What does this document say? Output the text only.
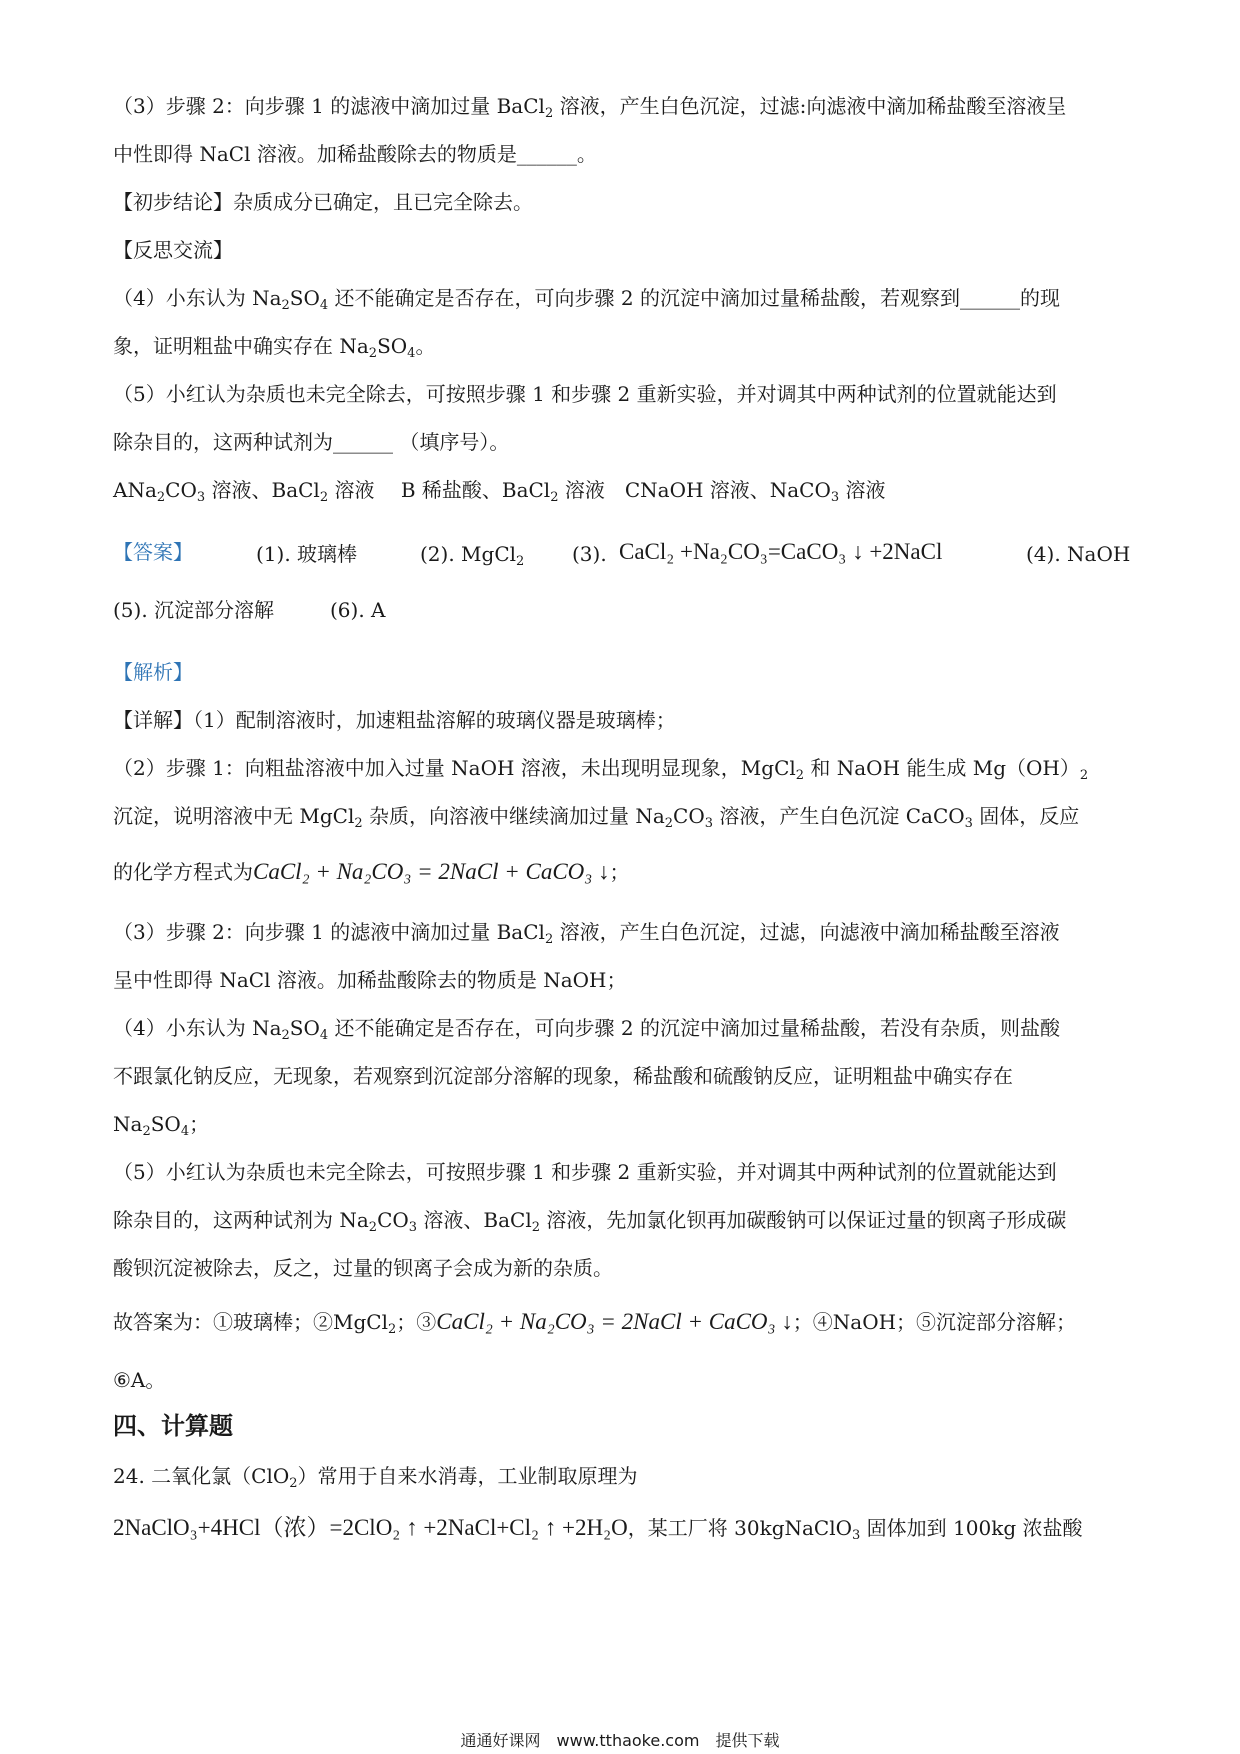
（3）步骤 2：向步骤 1 的滤液中滴加过量 BaCl$_2$ 溶液，产生白色沉淀，过滤:向滤液中滴加稀盐酸至溶液呈
中性即得 NaCl 溶液。加稀盐酸除去的物质是______。
【初步结论】杂质成分已确定，且已完全除去。
【反思交流】
（4）小东认为 $Na_2SO_4$ 还不能确定是否存在，可向步骤 2 的沉淀中滴加过量稀盐酸，若观察到______的现
象，证明粗盐中确实存在 $Na_2SO_4$。
（5）小红认为杂质也未完全除去，可按照步骤 1 和步骤 2 重新实验，并对调其中两种试剂的位置就能达到
除杂目的，这两种试剂为______ （填序号）。
$ANa_2CO_3$ 溶液、BaCl$_2$ 溶液　 B 稀盐酸、BaCl$_2$ 溶液　CNaOH 溶液、NaCO$_3$ 溶液
【答案】	(1). 玻璃棒	(2). MgCl$_2$ (3). CaCl₂ +Na₂CO₃=CaCO₃ ↓ +2NaCl	(4). NaOH
(5). 沉淀部分溶解	(6). A
【解析】
【详解】（1）配制溶液时，加速粗盐溶解的玻璃仪器是玻璃棒；
（2）步骤 1：向粗盐溶液中加入过量 NaOH 溶液，未出现明显现象，MgCl$_2$ 和 NaOH 能生成 $Mg(OH)_2$
沉淀，说明溶液中无 MgCl$_2$ 杂质，向溶液中继续滴加过量 $Na_2CO_3$ 溶液，产生白色沉淀 CaCO$_3$ 固体，反应
的化学方程式为CaCl₂ + Na₂CO₃ = 2NaCl + CaCO₃ ↓；
（3）步骤 2：向步骤 1 的滤液中滴加过量 BaCl$_2$ 溶液，产生白色沉淀，过滤，向滤液中滴加稀盐酸至溶液
呈中性即得 NaCl 溶液。加稀盐酸除去的物质是 NaOH；
（4）小东认为 $Na_2SO_4$ 还不能确定是否存在，可向步骤 2 的沉淀中滴加过量稀盐酸，若没有杂质，则盐酸
不跟氯化钠反应，无现象，若观察到沉淀部分溶解的现象，稀盐酸和硫酸钠反应，证明粗盐中确实存在
$Na_2SO_4$；
（5）小红认为杂质也未完全除去，可按照步骤 1 和步骤 2 重新实验，并对调其中两种试剂的位置就能达到
除杂目的，这两种试剂为 $Na_2CO_3$ 溶液、BaCl$_2$ 溶液，先加氯化钡再加碳酸钠可以保证过量的钡离子形成碳
酸钡沉淀被除去，反之，过量的钡离子会成为新的杂质。
故答案为：①玻璃棒；②MgCl$_2$；③CaCl₂ + Na₂CO₃ = 2NaCl + CaCO₃ ↓；④NaOH；⑤沉淀部分溶解；
⑥A。
四、计算题
24. 二氧化氯（ClO$_2$）常用于自来水消毒，工业制取原理为
2NaClO₃+4HCl（浓）=2ClO₂ ↑ +2NaCl+Cl₂ ↑ +2H₂O，某工厂将 30kgNaClO$_3$ 固体加到 100kg 浓盐酸
通通好课网　www.tthaoke.com　提供下载
